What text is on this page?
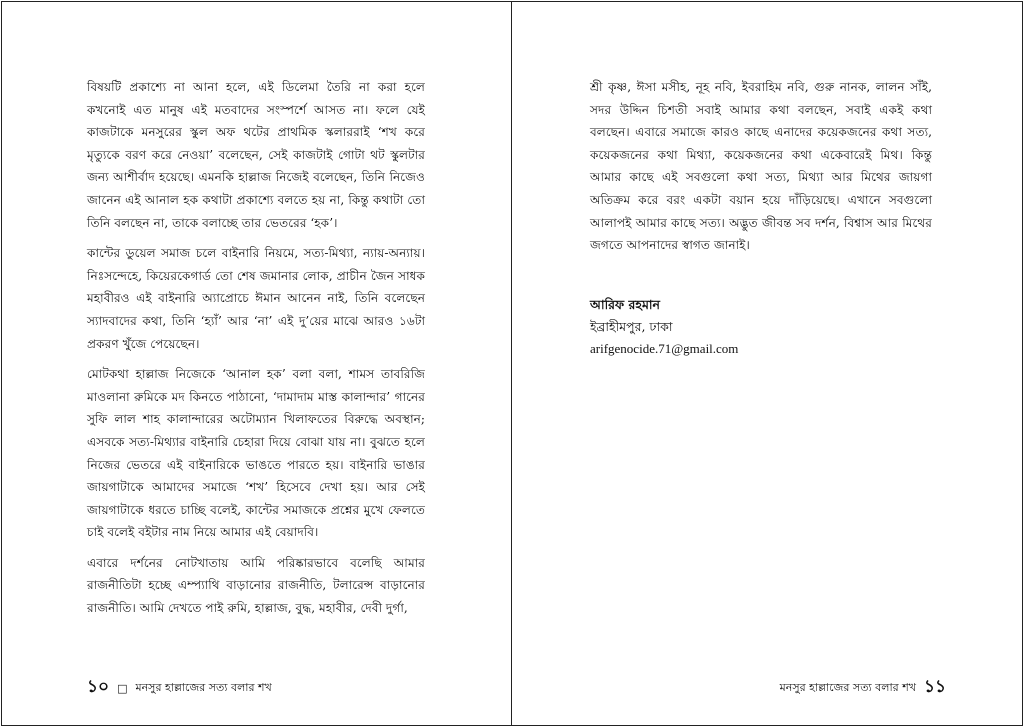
বিষয়টি প্রকাশ্যে না আনা হলে, এই ডিলেমা তৈরি না করা হলে কখনোই এত মানুষ এই মতবাদের সংস্পর্শে আসত না। ফলে যেই কাজটাকে মনসুরের স্কুল অফ থটের প্রাথমিক স্কলাররাই ‘শখ করে মৃত্যুকে বরণ করে নেওয়া’ বলেছেন, সেই কাজটাই গোটা থট স্কুলটার জন্য আশীর্বাদ হয়েছে। এমনকি হাল্লাজ নিজেই বলেছেন, তিনি নিজেও জানেন এই আনাল হক কথাটা প্রকাশ্যে বলতে হয় না, কিন্তু কথাটা তো তিনি বলছেন না, তাকে বলাচ্ছে তার ভেতরের ‘হক’।

কান্টের ডুয়েল সমাজ চলে বাইনারি নিয়মে, সত্য-মিথ্যা, ন্যায়-অন্যায়। নিঃসন্দেহে, কিয়েরকেগার্ড তো শেষ জমানার লোক, প্রাচীন জৈন সাধক মহাবীরও এই বাইনারি অ্যাপ্রোচে ঈমান আনেন নাই, তিনি বলেছেন স্যাদবাদের কথা, তিনি ‘হ্যাঁ’ আর ‘না’ এই দু’য়ের মাঝে আরও ১৬টা প্রকরণ খুঁজে পেয়েছেন।

মোটকথা হাল্লাজ নিজেকে ‘আনাল হক’ বলা বলা, শামস তাবরিজি মাওলানা রুমিকে মদ কিনতে পাঠানো, ‘দামাদাম মাস্ত কালান্দার’ গানের সুফি লাল শাহ কালান্দারের অটোম্যান খিলাফতের বিরুদ্ধে অবস্থান; এসবকে সত্য-মিথ্যার বাইনারি চেহারা দিয়ে বোঝা যায় না। বুঝতে হলে নিজের ভেতরে এই বাইনারিকে ভাঙতে পারতে হয়। বাইনারি ভাঙার জায়গাটাকে আমাদের সমাজে ‘শখ’ হিসেবে দেখা হয়। আর সেই জায়গাটাকে ধরতে চাচ্ছি বলেই, কান্টের সমাজকে প্রশ্নের মুখে ফেলতে চাই বলেই বইটার নাম নিয়ে আমার এই বেয়াদবি।

এবারে দর্শনের নোটখাতায় আমি পরিষ্কারভাবে বলেছি আমার রাজনীতিটা হচ্ছে এম্প্যাথি বাড়ানোর রাজনীতি, টলারেন্স বাড়ানোর রাজনীতি। আমি দেখতে পাই রুমি, হাল্লাজ, বুদ্ধ, মহাবীর, দেবী দুর্গা,

১০ □ মনসুর হাল্লাজের সত্য বলার শখ

শ্রী কৃষ্ণ, ঈসা মসীহ, নূহ নবি, ইবরাহিম নবি, গুরু নানক, লালন সাঁই, সদর উদ্দিন চিশতী সবাই আমার কথা বলছেন, সবাই একই কথা বলছেন। এবারে সমাজে কারও কাছে এনাদের কয়েকজনের কথা সত্য, কয়েকজনের কথা মিথ্যা, কয়েকজনের কথা একেবারেই মিথ। কিন্তু আমার কাছে এই সবগুলো কথা সত্য, মিথ্যা আর মিথের জায়গা অতিক্রম করে বরং একটা বয়ান হয়ে দাঁড়িয়েছে। এখানে সবগুলো আলাপই আমার কাছে সত্য। অদ্ভুত জীবন্ত সব দর্শন, বিশ্বাস আর মিথের জগতে আপনাদের স্বাগত জানাই।

আরিফ রহমান
ইব্রাহীমপুর, ঢাকা
arifgenocide.71@gmail.com
মনসুর হাল্লাজের সত্য বলার শখ ১১
